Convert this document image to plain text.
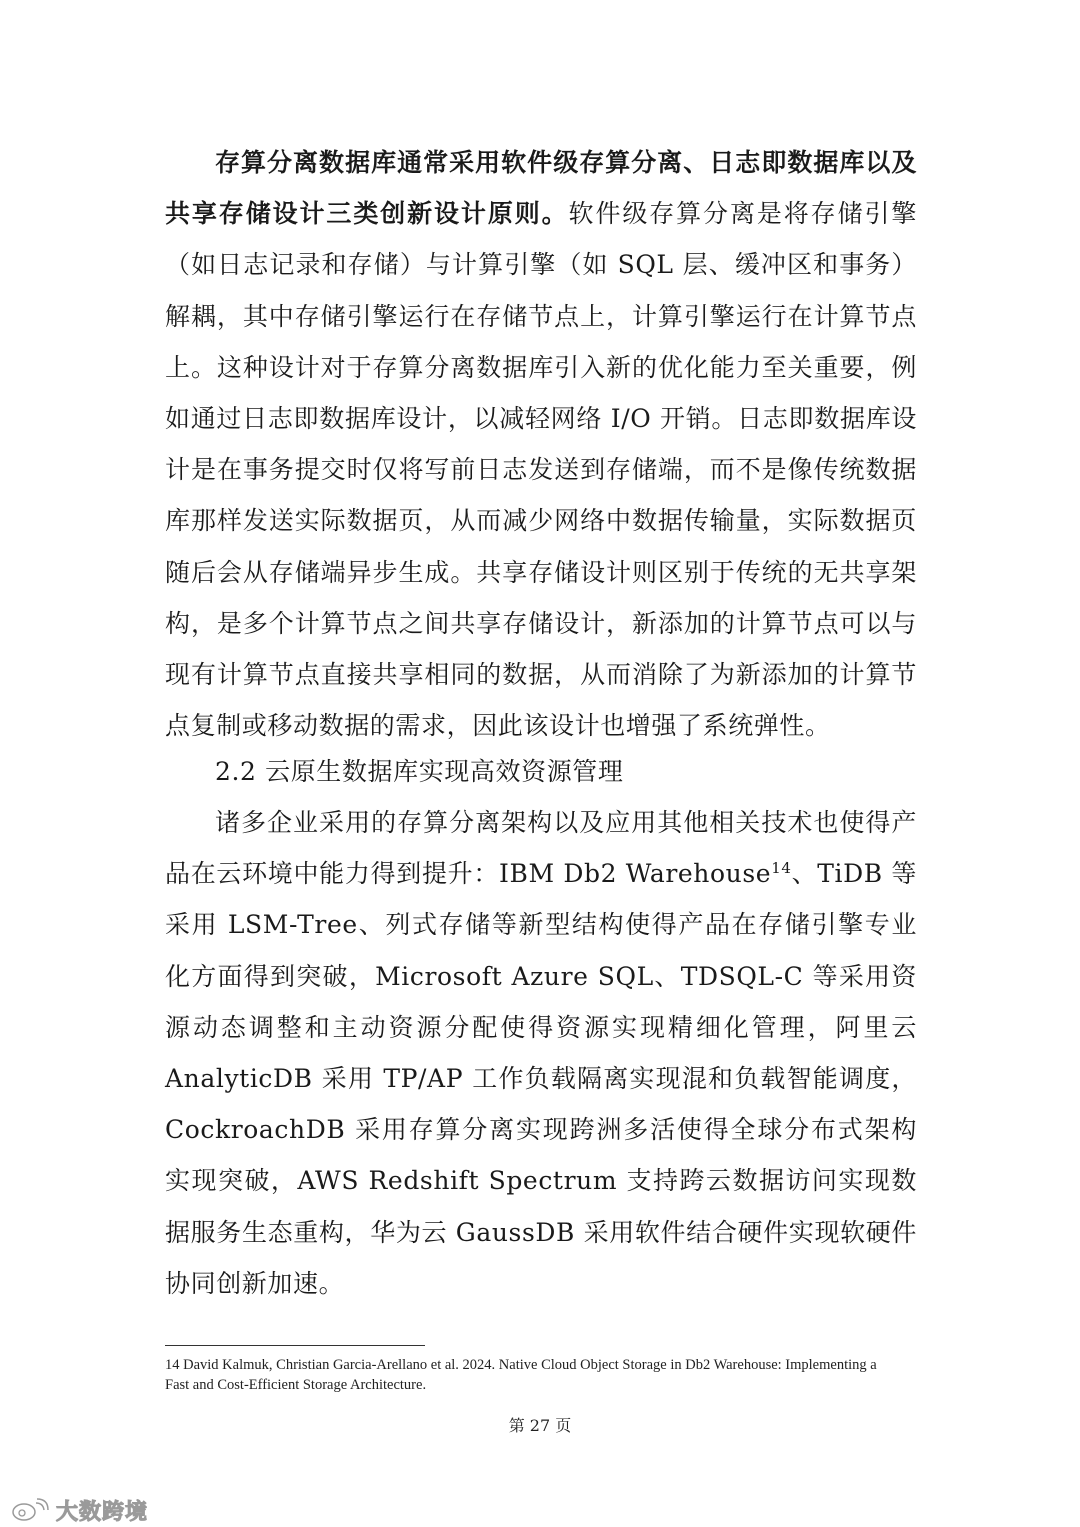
存算分离数据库通常采用软件级存算分离、日志即数据库以及共享存储设计三类创新设计原则。软件级存算分离是将存储引擎（如日志记录和存储）与计算引擎（如 SQL 层、缓冲区和事务）解耦，其中存储引擎运行在存储节点上，计算引擎运行在计算节点上。这种设计对于存算分离数据库引入新的优化能力至关重要，例如通过日志即数据库设计，以减轻网络 I/O 开销。日志即数据库设计是在事务提交时仅将写前日志发送到存储端，而不是像传统数据库那样发送实际数据页，从而减少网络中数据传输量，实际数据页随后会从存储端异步生成。共享存储设计则区别于传统的无共享架构，是多个计算节点之间共享存储设计，新添加的计算节点可以与现有计算节点直接共享相同的数据，从而消除了为新添加的计算节点复制或移动数据的需求，因此该设计也增强了系统弹性。
2.2 云原生数据库实现高效资源管理
诸多企业采用的存算分离架构以及应用其他相关技术也使得产品在云环境中能力得到提升：IBM Db2 Warehouse$^{14}$、TiDB 等采用 LSM-Tree、列式存储等新型结构使得产品在存储引擎专业化方面得到突破，Microsoft Azure SQL、TDSQL-C 等采用资源动态调整和主动资源分配使得资源实现精细化管理，阿里云 AnalyticDB 采用 TP/AP 工作负载隔离实现混和负载智能调度，CockroachDB 采用存算分离实现跨洲多活使得全球分布式架构实现突破，AWS Redshift Spectrum 支持跨云数据访问实现数据服务生态重构，华为云 GaussDB 采用软件结合硬件实现软硬件协同创新加速。
14 David Kalmuk, Christian Garcia-Arellano et al. 2024. Native Cloud Object Storage in Db2 Warehouse: Implementing a Fast and Cost-Efficient Storage Architecture.
第 27 页
大数跨境
